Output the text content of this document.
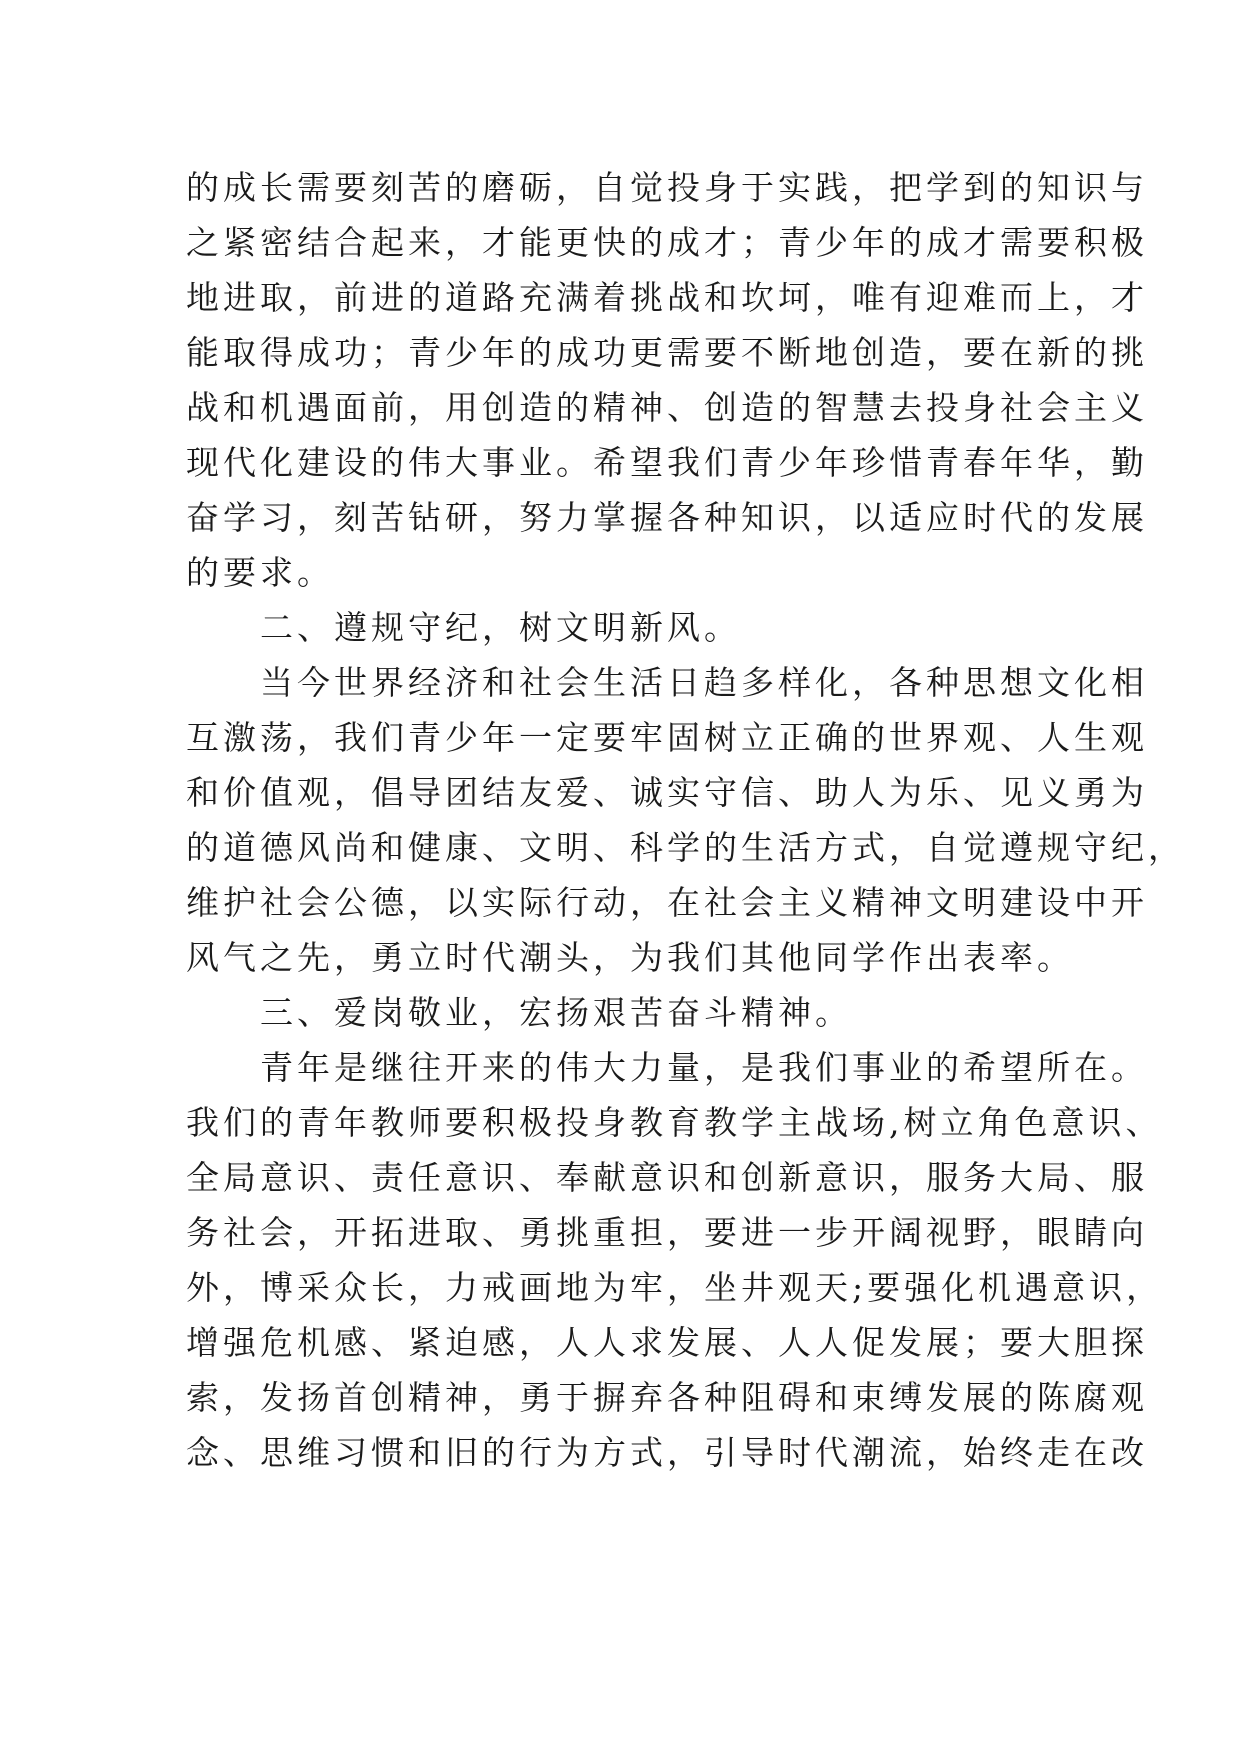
的成长需要刻苦的磨砺，自觉投身于实践，把学到的知识与
之紧密结合起来，才能更快的成才；青少年的成才需要积极
地进取，前进的道路充满着挑战和坎坷，唯有迎难而上，才
能取得成功；青少年的成功更需要不断地创造，要在新的挑
战和机遇面前，用创造的精神、创造的智慧去投身社会主义
现代化建设的伟大事业。希望我们青少年珍惜青春年华，勤
奋学习，刻苦钻研，努力掌握各种知识，以适应时代的发展
的要求。
二、遵规守纪，树文明新风。
当今世界经济和社会生活日趋多样化，各种思想文化相
互激荡，我们青少年一定要牢固树立正确的世界观、人生观
和价值观，倡导团结友爱、诚实守信、助人为乐、见义勇为
的道德风尚和健康、文明、科学的生活方式，自觉遵规守纪，
维护社会公德，以实际行动，在社会主义精神文明建设中开
风气之先，勇立时代潮头，为我们其他同学作出表率。
三、爱岗敬业，宏扬艰苦奋斗精神。
青年是继往开来的伟大力量，是我们事业的希望所在。
我们的青年教师要积极投身教育教学主战场,树立角色意识、
全局意识、责任意识、奉献意识和创新意识，服务大局、服
务社会，开拓进取、勇挑重担，要进一步开阔视野，眼睛向
外，博采众长，力戒画地为牢，坐井观天;要强化机遇意识，
增强危机感、紧迫感，人人求发展、人人促发展；要大胆探
索，发扬首创精神，勇于摒弃各种阻碍和束缚发展的陈腐观
念、思维习惯和旧的行为方式，引导时代潮流，始终走在改
